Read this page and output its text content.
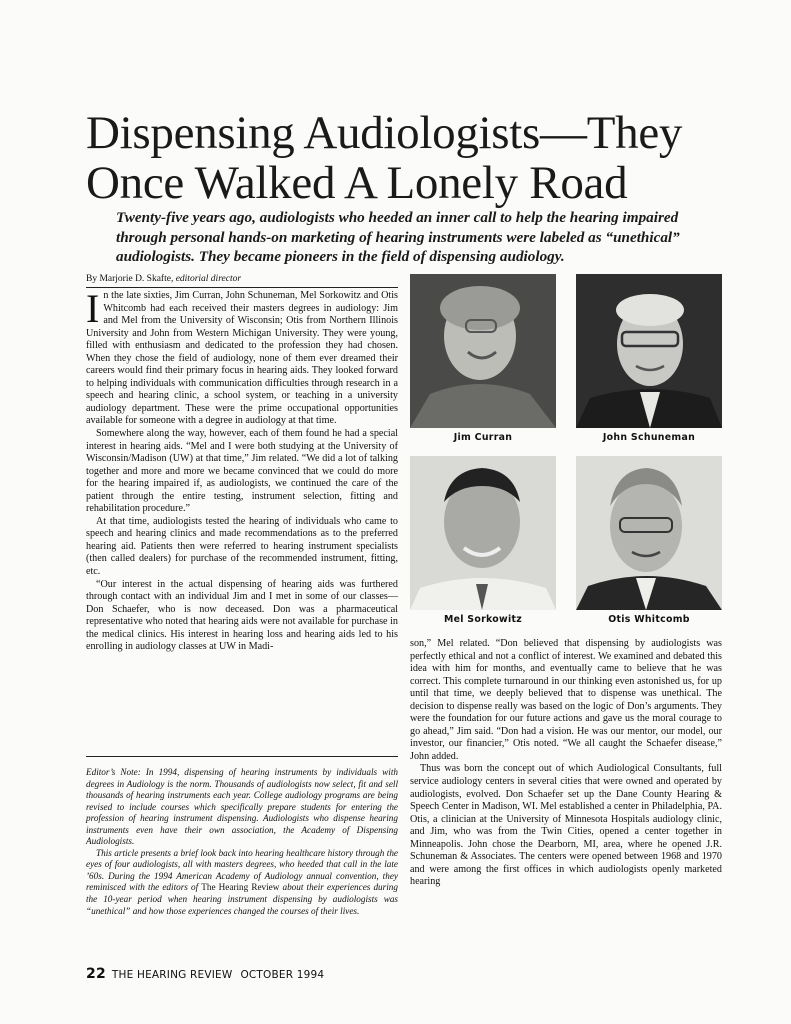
Dispensing Audiologists—They Once Walked A Lonely Road

Twenty-five years ago, audiologists who heeded an inner call to help the hearing impaired through personal hands-on marketing of hearing instruments were labeled as “unethical” audiologists. They became pioneers in the field of dispensing audiology.

By Marjorie D. Skafte, editorial director

In the late sixties, Jim Curran, John Schuneman, Mel Sorkowitz and Otis Whitcomb had each received their masters degrees in audiology: Jim and Mel from the University of Wisconsin; Otis from Northern Illinois University and John from Western Michigan University. They were young, filled with enthusiasm and dedicated to the profession they had chosen. When they chose the field of audiology, none of them ever dreamed their careers would find their primary focus in hearing aids. They looked forward to helping individuals with communication difficulties through research in a speech and hearing clinic, a school system, or teaching in a university audiology department. These were the prime occupational opportunities available for someone with a degree in audiology at that time.

Somewhere along the way, however, each of them found he had a special interest in hearing aids. “Mel and I were both studying at the University of Wisconsin/Madison (UW) at that time,” Jim related. “We did a lot of talking together and more and more we became convinced that we could do more for the hearing impaired if, as audiologists, we continued the care of the patient through the entire testing, instrument selection, fitting and rehabilitation procedure.”

At that time, audiologists tested the hearing of individuals who came to speech and hearing clinics and made recommendations as to the preferred hearing aid. Patients then were referred to hearing instrument specialists (then called dealers) for purchase of the recommended instrument, fitting, etc.

“Our interest in the actual dispensing of hearing aids was furthered through contact with an individual Jim and I met in some of our classes—Don Schaefer, who is now deceased. Don was a pharmaceutical representative who noted that hearing aids were not available for purchase in the medical clinics. His interest in hearing loss and hearing aids led to his enrolling in audiology classes at UW in Madi-

Jim Curran	John Schuneman
Mel Sorkowitz	Otis Whitcomb

son,” Mel related. “Don believed that dispensing by audiologists was perfectly ethical and not a conflict of interest. We examined and debated this idea with him for months, and eventually came to believe that he was correct. This complete turnaround in our thinking even astonished us, for up until that time, we deeply believed that to dispense was unethical. The decision to dispense really was based on the logic of Don’s arguments. They were the foundation for our future actions and gave us the moral courage to go ahead,” Jim said. “Don had a vision. He was our mentor, our model, our investor, our financier,” Otis noted. “We all caught the Schaefer disease,” John added.

Thus was born the concept out of which Audiological Consultants, full service audiology centers in several cities that were owned and operated by audiologists, evolved. Don Schaefer set up the Dane County Hearing & Speech Center in Madison, WI. Mel established a center in Philadelphia, PA. Otis, a clinician at the University of Minnesota Hospitals audiology clinic, and Jim, who was from the Twin Cities, opened a center together in Minneapolis. John chose the Dearborn, MI, area, where he opened J.R. Schuneman & Associates. The centers were opened between 1968 and 1970 and were among the first offices in which audiologists openly marketed hearing

Editor’s Note: In 1994, dispensing of hearing instruments by individuals with degrees in Audiology is the norm. Thousands of audiologists now select, fit and sell thousands of hearing instruments each year. College audiology programs are being revised to include courses which specifically prepare students for entering the profession of hearing instrument dispensing. Audiologists who dispense hearing instruments even have their own association, the Academy of Dispensing Audiologists.

This article presents a brief look back into hearing healthcare history through the eyes of four audiologists, all with masters degrees, who heeded that call in the late ’60s. During the 1994 American Academy of Audiology annual convention, they reminisced with the editors of The Hearing Review about their experiences during the 10-year period when hearing instrument dispensing by audiologists was “unethical” and how those experiences changed the courses of their lives.

22 THE HEARING REVIEW OCTOBER 1994
